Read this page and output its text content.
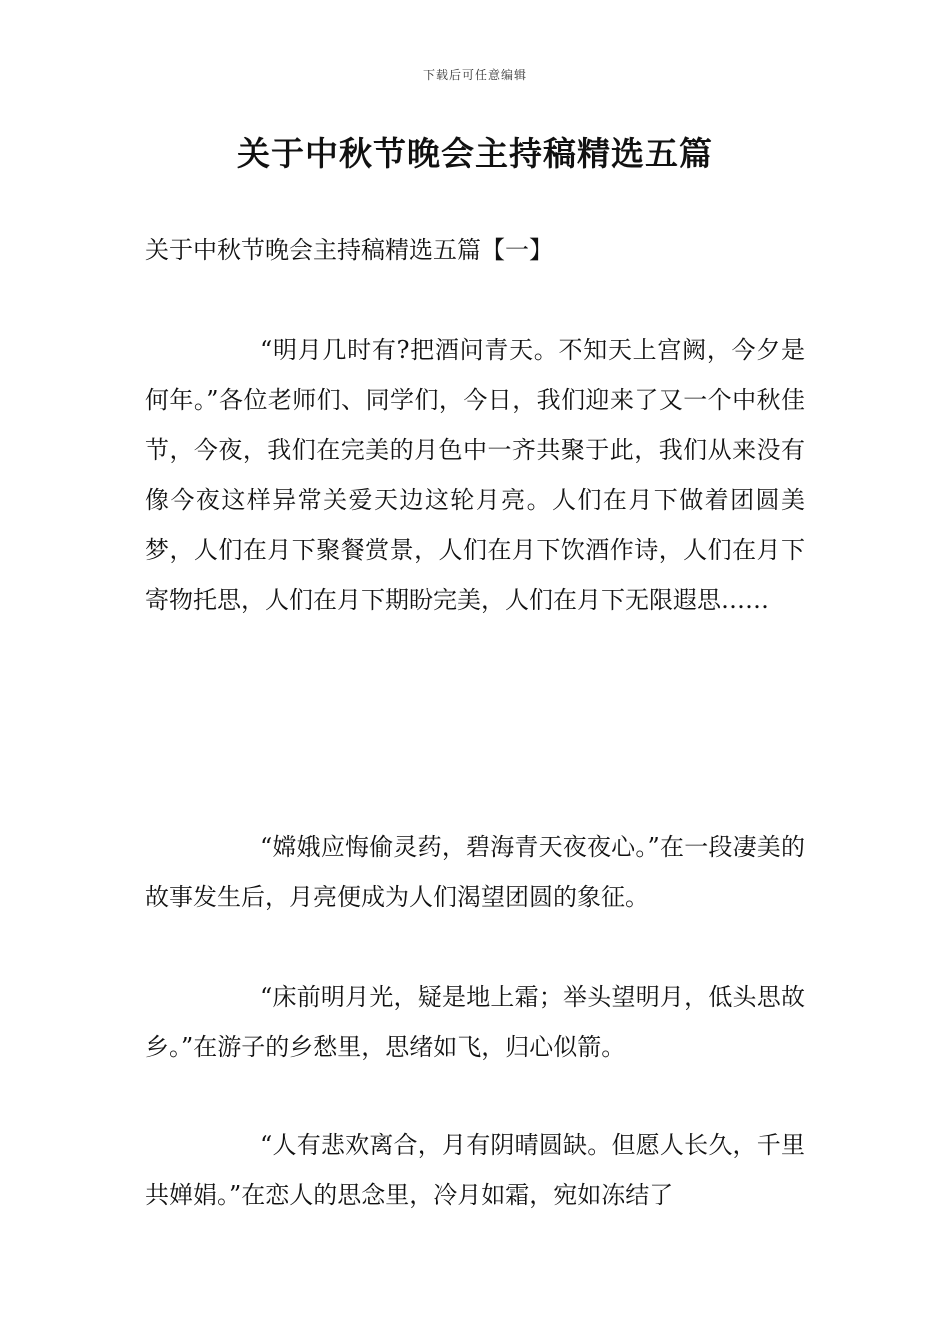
下载后可任意编辑
关于中秋节晚会主持稿精选五篇
关于中秋节晚会主持稿精选五篇【一】

“明月几时有?把酒问青天。不知天上宫阙，今夕是何年。”各位老师们、同学们，今日，我们迎来了又一个中秋佳节，今夜，我们在完美的月色中一齐共聚于此，我们从来没有像今夜这样异常关爱天边这轮月亮。人们在月下做着团圆美梦，人们在月下聚餐赏景，人们在月下饮酒作诗，人们在月下寄物托思，人们在月下期盼完美，人们在月下无限遐思……

“嫦娥应悔偷灵药，碧海青天夜夜心。”在一段凄美的故事发生后，月亮便成为人们渴望团圆的象征。

“床前明月光，疑是地上霜；举头望明月，低头思故乡。”在游子的乡愁里，思绪如飞，归心似箭。

“人有悲欢离合，月有阴晴圆缺。但愿人长久，千里共婵娟。”在恋人的思念里，冷月如霜，宛如冻结了
